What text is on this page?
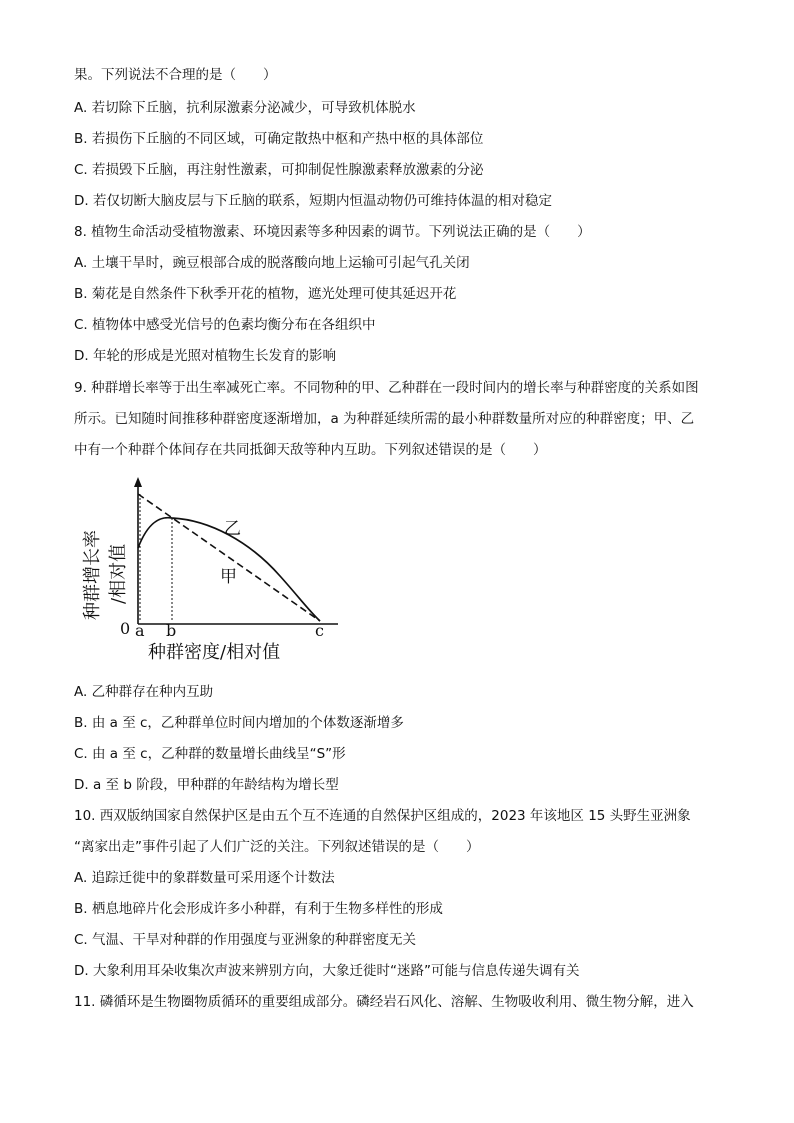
果。下列说法不合理的是（　　）
A. 若切除下丘脑，抗利尿激素分泌减少，可导致机体脱水
B. 若损伤下丘脑的不同区域，可确定散热中枢和产热中枢的具体部位
C. 若损毁下丘脑，再注射性激素，可抑制促性腺激素释放激素的分泌
D. 若仅切断大脑皮层与下丘脑的联系，短期内恒温动物仍可维持体温的相对稳定
8. 植物生命活动受植物激素、环境因素等多种因素的调节。下列说法正确的是（　　）
A. 土壤干旱时，豌豆根部合成的脱落酸向地上运输可引起气孔关闭
B. 菊花是自然条件下秋季开花的植物，遮光处理可使其延迟开花
C. 植物体中感受光信号的色素均衡分布在各组织中
D. 年轮的形成是光照对植物生长发育的影响
9. 种群增长率等于出生率减死亡率。不同物种的甲、乙种群在一段时间内的增长率与种群密度的关系如图
所示。已知随时间推移种群密度逐渐增加，a 为种群延续所需的最小种群数量所对应的种群密度；甲、乙
中有一个种群个体间存在共同抵御天敌等种内互助。下列叙述错误的是（　　）
种群增长率 /相对值
0 a b	c
乙
甲
种群密度/相对值
A. 乙种群存在种内互助
B. 由 a 至 c，乙种群单位时间内增加的个体数逐渐增多
C. 由 a 至 c，乙种群的数量增长曲线呈“S”形
D. a 至 b 阶段，甲种群的年龄结构为增长型
10. 西双版纳国家自然保护区是由五个互不连通的自然保护区组成的，2023 年该地区 15 头野生亚洲象
“离家出走”事件引起了人们广泛的关注。下列叙述错误的是（　　）
A. 追踪迁徙中的象群数量可采用逐个计数法
B. 栖息地碎片化会形成许多小种群，有利于生物多样性的形成
C. 气温、干旱对种群的作用强度与亚洲象的种群密度无关
D. 大象利用耳朵收集次声波来辨别方向，大象迁徙时“迷路”可能与信息传递失调有关
11. 磷循环是生物圈物质循环的重要组成部分。磷经岩石风化、溶解、生物吸收利用、微生物分解，进入
